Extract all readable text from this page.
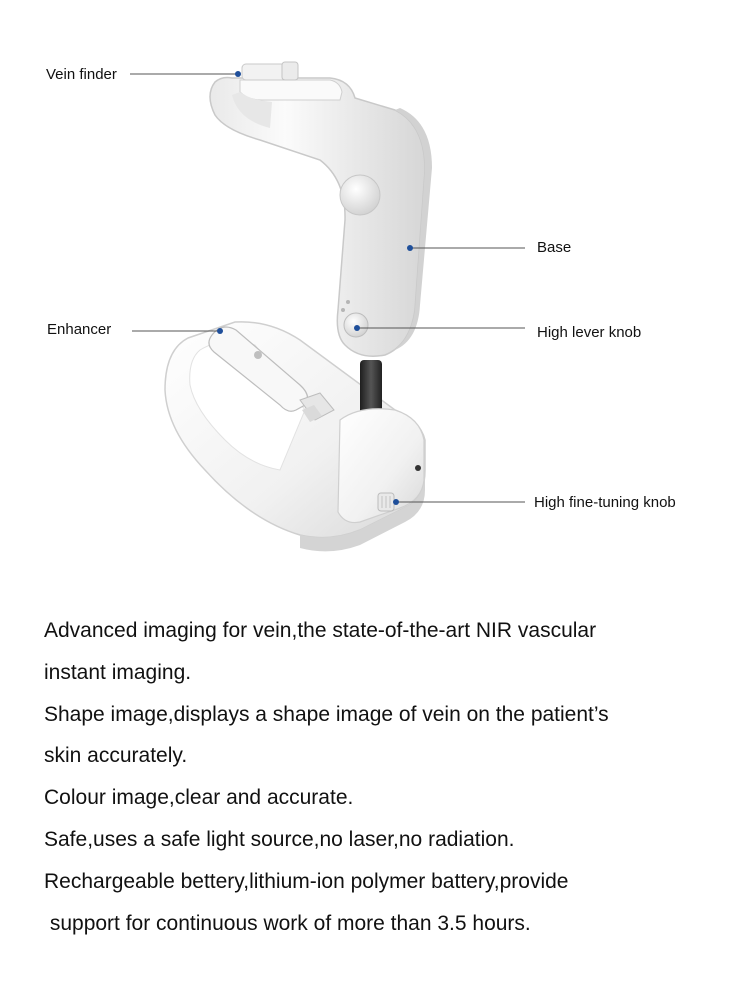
Vein finder
Base
Enhancer	High lever knob
High fine-tuning knob
Advanced imaging for vein,the state-of-the-art NIR vascular
instant imaging.
Shape image,displays a shape image of vein on the patient’s
skin accurately.
Colour image,clear and accurate.
Safe,uses a safe light source,no laser,no radiation.
Rechargeable bettery,lithium-ion polymer battery,provide
support for continuous work of more than 3.5 hours.
